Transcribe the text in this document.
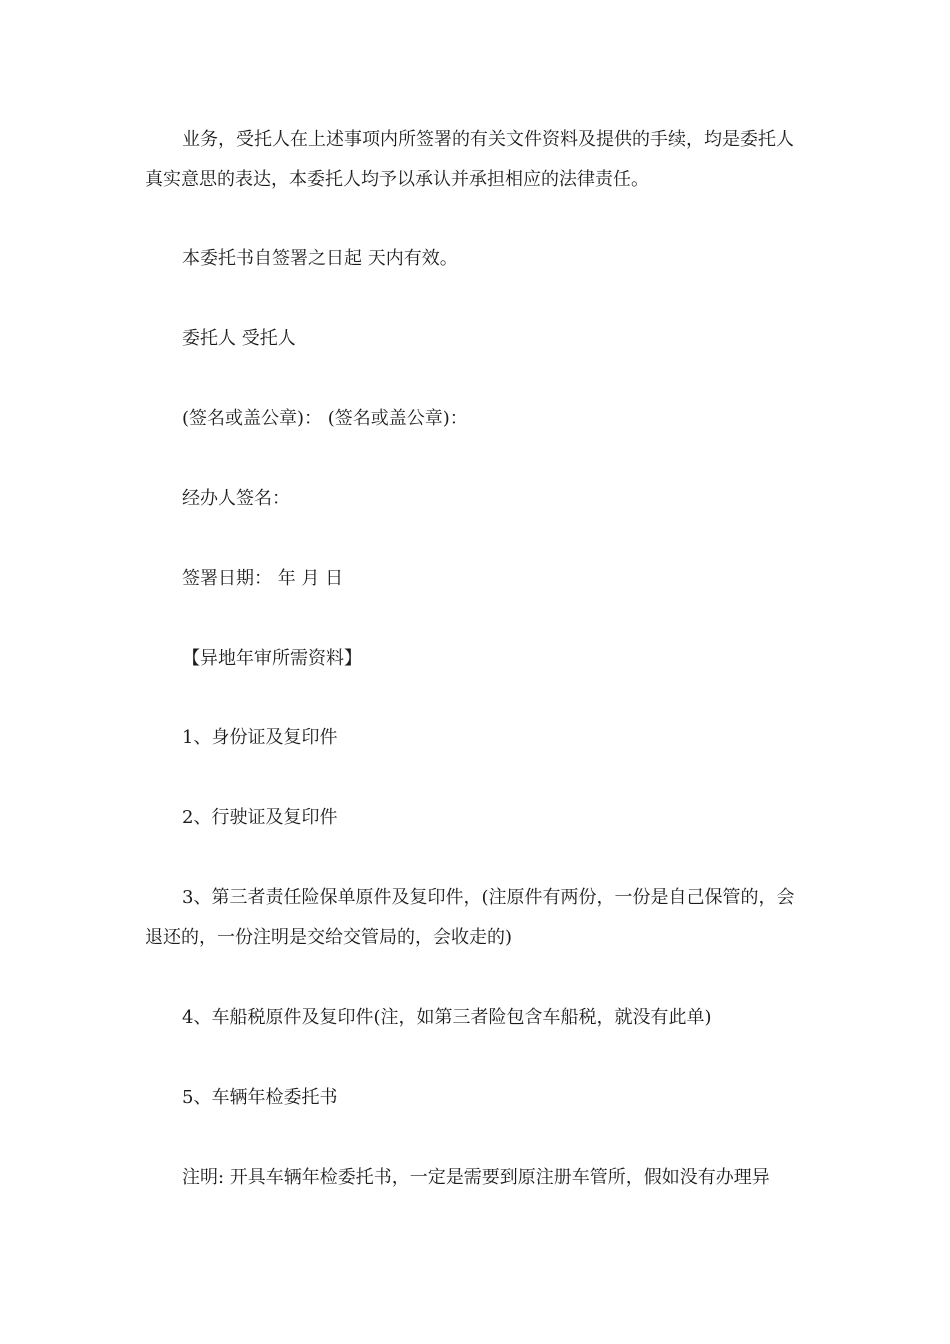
业务，受托人在上述事项内所签署的有关文件资料及提供的手续，均是委托人真实意思的表达，本委托人均予以承认并承担相应的法律责任。

本委托书自签署之日起 天内有效。

委托人 受托人

(签名或盖公章)： (签名或盖公章)：

经办人签名：

签署日期： 年 月 日

【异地年审所需资料】

1、身份证及复印件

2、行驶证及复印件

3、第三者责任险保单原件及复印件，(注原件有两份，一份是自己保管的，会退还的，一份注明是交给交管局的，会收走的)

4、车船税原件及复印件(注，如第三者险包含车船税，就没有此单)

5、车辆年检委托书

注明: 开具车辆年检委托书，一定是需要到原注册车管所，假如没有办理异
